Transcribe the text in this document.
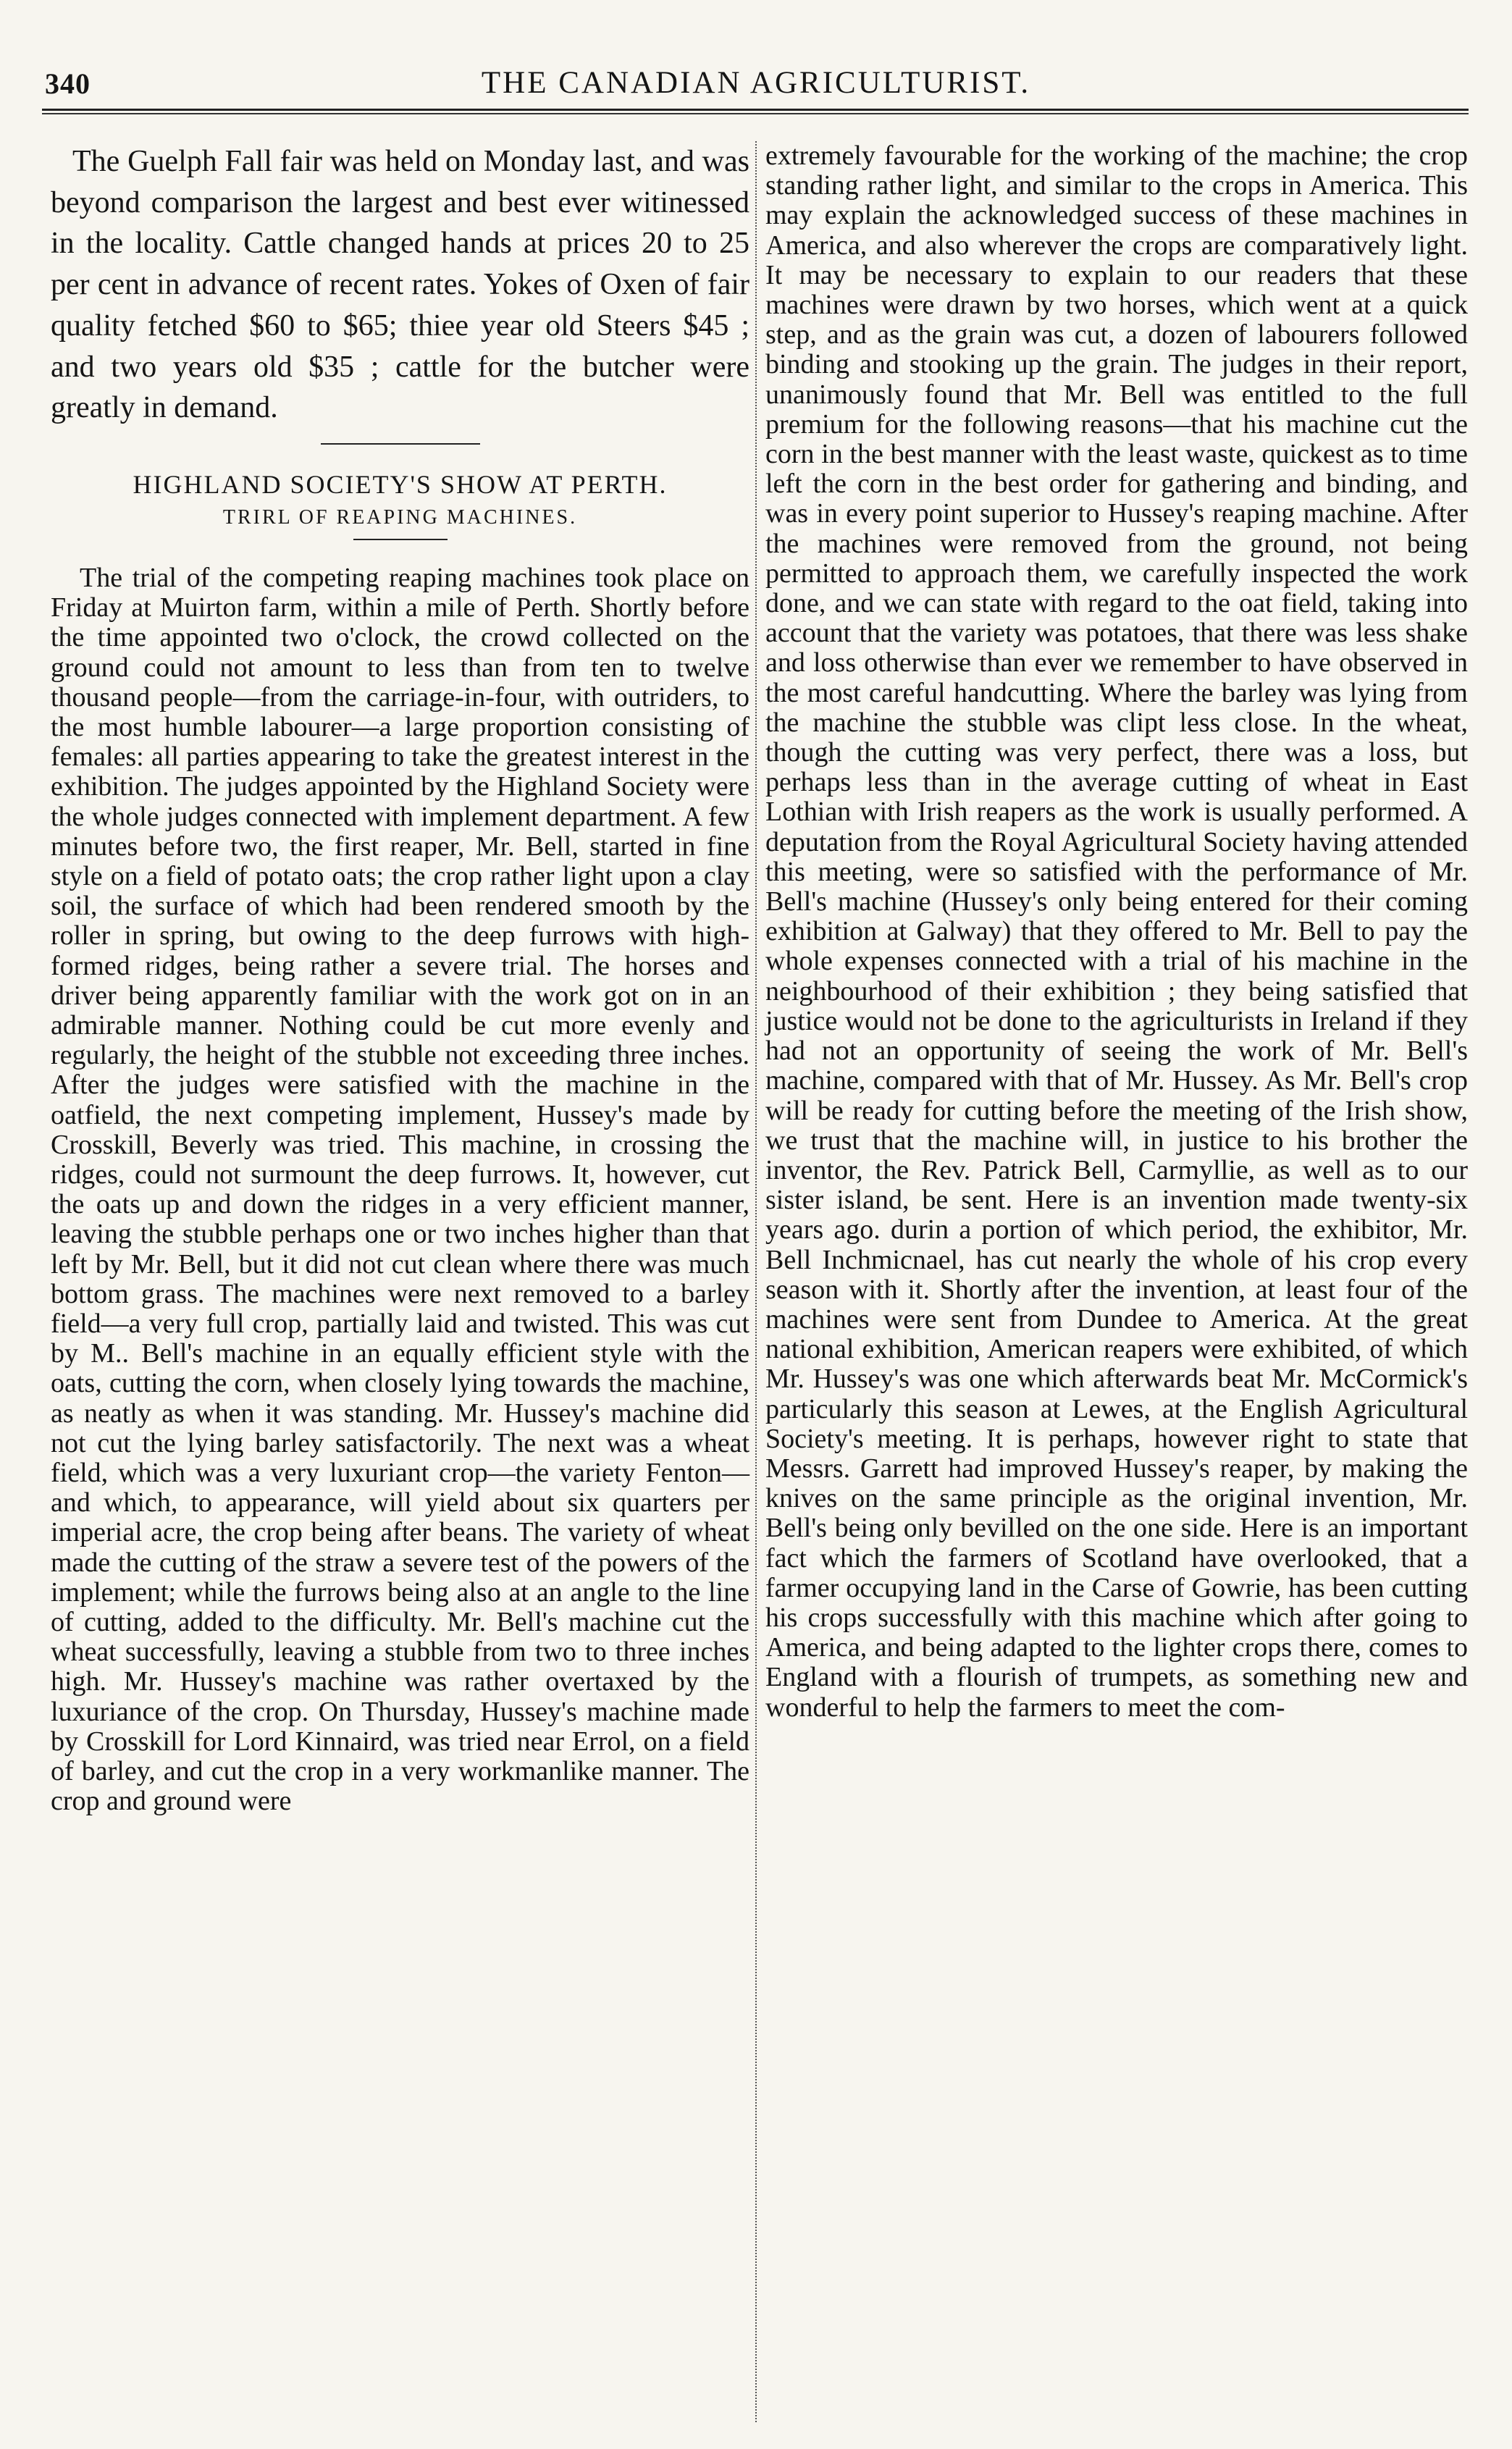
340	THE CANADIAN AGRICULTURIST.

The Guelph Fall fair was held on Monday last, and was beyond comparison the largest and best ever witinessed in the locality. Cattle changed hands at prices 20 to 25 per cent in advance of recent rates. Yokes of Oxen of fair quality fetched $60 to $65; thiee year old Steers $45 ; and two years old $35 ; cattle for the butcher were greatly in demand.

HIGHLAND SOCIETY'S SHOW AT PERTH.
TRIRL OF REAPING MACHINES.

The trial of the competing reaping machines took place on Friday at Muirton farm, within a mile of Perth. Shortly before the time appointed two o'clock, the crowd collected on the ground could not amount to less than from ten to twelve thousand people—from the carriage-in-four, with outriders, to the most humble labourer—a large proportion consisting of females: all parties appearing to take the greatest interest in the exhibition. The judges appointed by the Highland Society were the whole judges connected with implement department. A few minutes before two, the first reaper, Mr. Bell, started in fine style on a field of potato oats; the crop rather light upon a clay soil, the surface of which had been rendered smooth by the roller in spring, but owing to the deep furrows with high-formed ridges, being rather a severe trial. The horses and driver being apparently familiar with the work got on in an admirable manner. Nothing could be cut more evenly and regularly, the height of the stubble not exceeding three inches. After the judges were satisfied with the machine in the oatfield, the next competing implement, Hussey's made by Crosskill, Beverly was tried. This machine, in crossing the ridges, could not surmount the deep furrows. It, however, cut the oats up and down the ridges in a very efficient manner, leaving the stubble perhaps one or two inches higher than that left by Mr. Bell, but it did not cut clean where there was much bottom grass. The machines were next removed to a barley field—a very full crop, partially laid and twisted. This was cut by M.. Bell's machine in an equally efficient style with the oats, cutting the corn, when closely lying towards the machine, as neatly as when it was standing. Mr. Hussey's machine did not cut the lying barley satisfactorily. The next was a wheat field, which was a very luxuriant crop—the variety Fenton—and which, to appearance, will yield about six quarters per imperial acre, the crop being after beans. The variety of wheat made the cutting of the straw a severe test of the powers of the implement; while the furrows being also at an angle to the line of cutting, added to the difficulty. Mr. Bell's machine cut the wheat successfully, leaving a stubble from two to three inches high. Mr. Hussey's machine was rather overtaxed by the luxuriance of the crop. On Thursday, Hussey's machine made by Crosskill for Lord Kinnaird, was tried near Errol, on a field of barley, and cut the crop in a very workmanlike manner. The crop and ground were

extremely favourable for the working of the machine; the crop standing rather light, and similar to the crops in America. This may explain the acknowledged success of these machines in America, and also wherever the crops are comparatively light. It may be necessary to explain to our readers that these machines were drawn by two horses, which went at a quick step, and as the grain was cut, a dozen of labourers followed binding and stooking up the grain. The judges in their report, unanimously found that Mr. Bell was entitled to the full premium for the following reasons—that his machine cut the corn in the best manner with the least waste, quickest as to time left the corn in the best order for gathering and binding, and was in every point superior to Hussey's reaping machine. After the machines were removed from the ground, not being permitted to approach them, we carefully inspected the work done, and we can state with regard to the oat field, taking into account that the variety was potatoes, that there was less shake and loss otherwise than ever we remember to have observed in the most careful handcutting. Where the barley was lying from the machine the stubble was clipt less close. In the wheat, though the cutting was very perfect, there was a loss, but perhaps less than in the average cutting of wheat in East Lothian with Irish reapers as the work is usually performed. A deputation from the Royal Agricultural Society having attended this meeting, were so satisfied with the performance of Mr. Bell's machine (Hussey's only being entered for their coming exhibition at Galway) that they offered to Mr. Bell to pay the whole expenses connected with a trial of his machine in the neighbourhood of their exhibition ; they being satisfied that justice would not be done to the agriculturists in Ireland if they had not an opportunity of seeing the work of Mr. Bell's machine, compared with that of Mr. Hussey. As Mr. Bell's crop will be ready for cutting before the meeting of the Irish show, we trust that the machine will, in justice to his brother the inventor, the Rev. Patrick Bell, Carmyllie, as well as to our sister island, be sent. Here is an invention made twenty-six years ago. durin a portion of which period, the exhibitor, Mr. Bell Inchmicnael, has cut nearly the whole of his crop every season with it. Shortly after the invention, at least four of the machines were sent from Dundee to America. At the great national exhibition, American reapers were exhibited, of which Mr. Hussey's was one which afterwards beat Mr. McCormick's particularly this season at Lewes, at the English Agricultural Society's meeting. It is perhaps, however right to state that Messrs. Garrett had improved Hussey's reaper, by making the knives on the same principle as the original invention, Mr. Bell's being only bevilled on the one side. Here is an important fact which the farmers of Scotland have overlooked, that a farmer occupying land in the Carse of Gowrie, has been cutting his crops successfully with this machine which after going to America, and being adapted to the lighter crops there, comes to England with a flourish of trumpets, as something new and wonderful to help the farmers to meet the com-
